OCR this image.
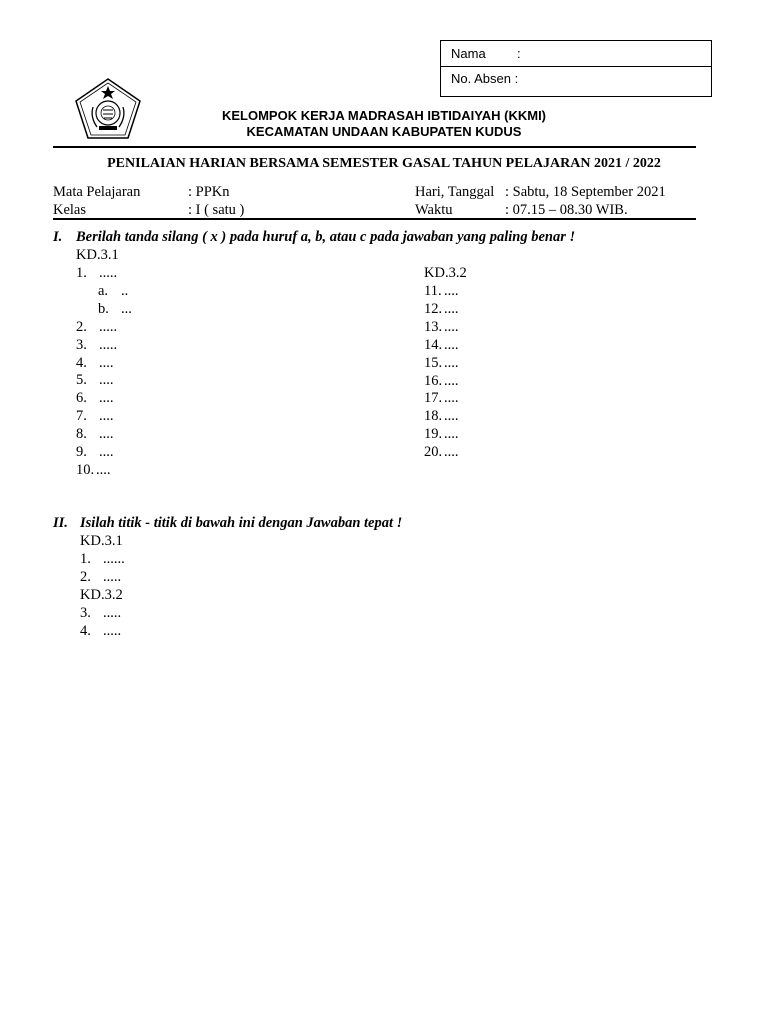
Nama :
No. Absen :
KELOMPOK KERJA MADRASAH IBTIDAIYAH (KKMI)
KECAMATAN UNDAAN KABUPATEN KUDUS
PENILAIAN HARIAN BERSAMA SEMESTER GASAL TAHUN PELAJARAN 2021 / 2022
Mata Pelajaran	: PPKn	Hari, Tanggal : Sabtu, 18 September 2021
Kelas	: I ( satu )	Waktu	: 07.15 – 08.30 WIB.
I. Berilah tanda silang ( x ) pada huruf a, b, atau c pada jawaban yang paling benar !
KD.3.1
1. .....
a. ..
b. ...
2. .....
3. .....
4. ....
5. ....
6. ....
7. ....
8. ....
9. ....
10. ....
KD.3.2
11. ....
12. ....
13. ....
14. ....
15. ....
16. ....
17. ....
18. ....
19. ....
20. ....
II. Isilah titik - titik di bawah ini dengan Jawaban tepat !
KD.3.1
1. ......
2. .....
KD.3.2
3. .....
4. .....
